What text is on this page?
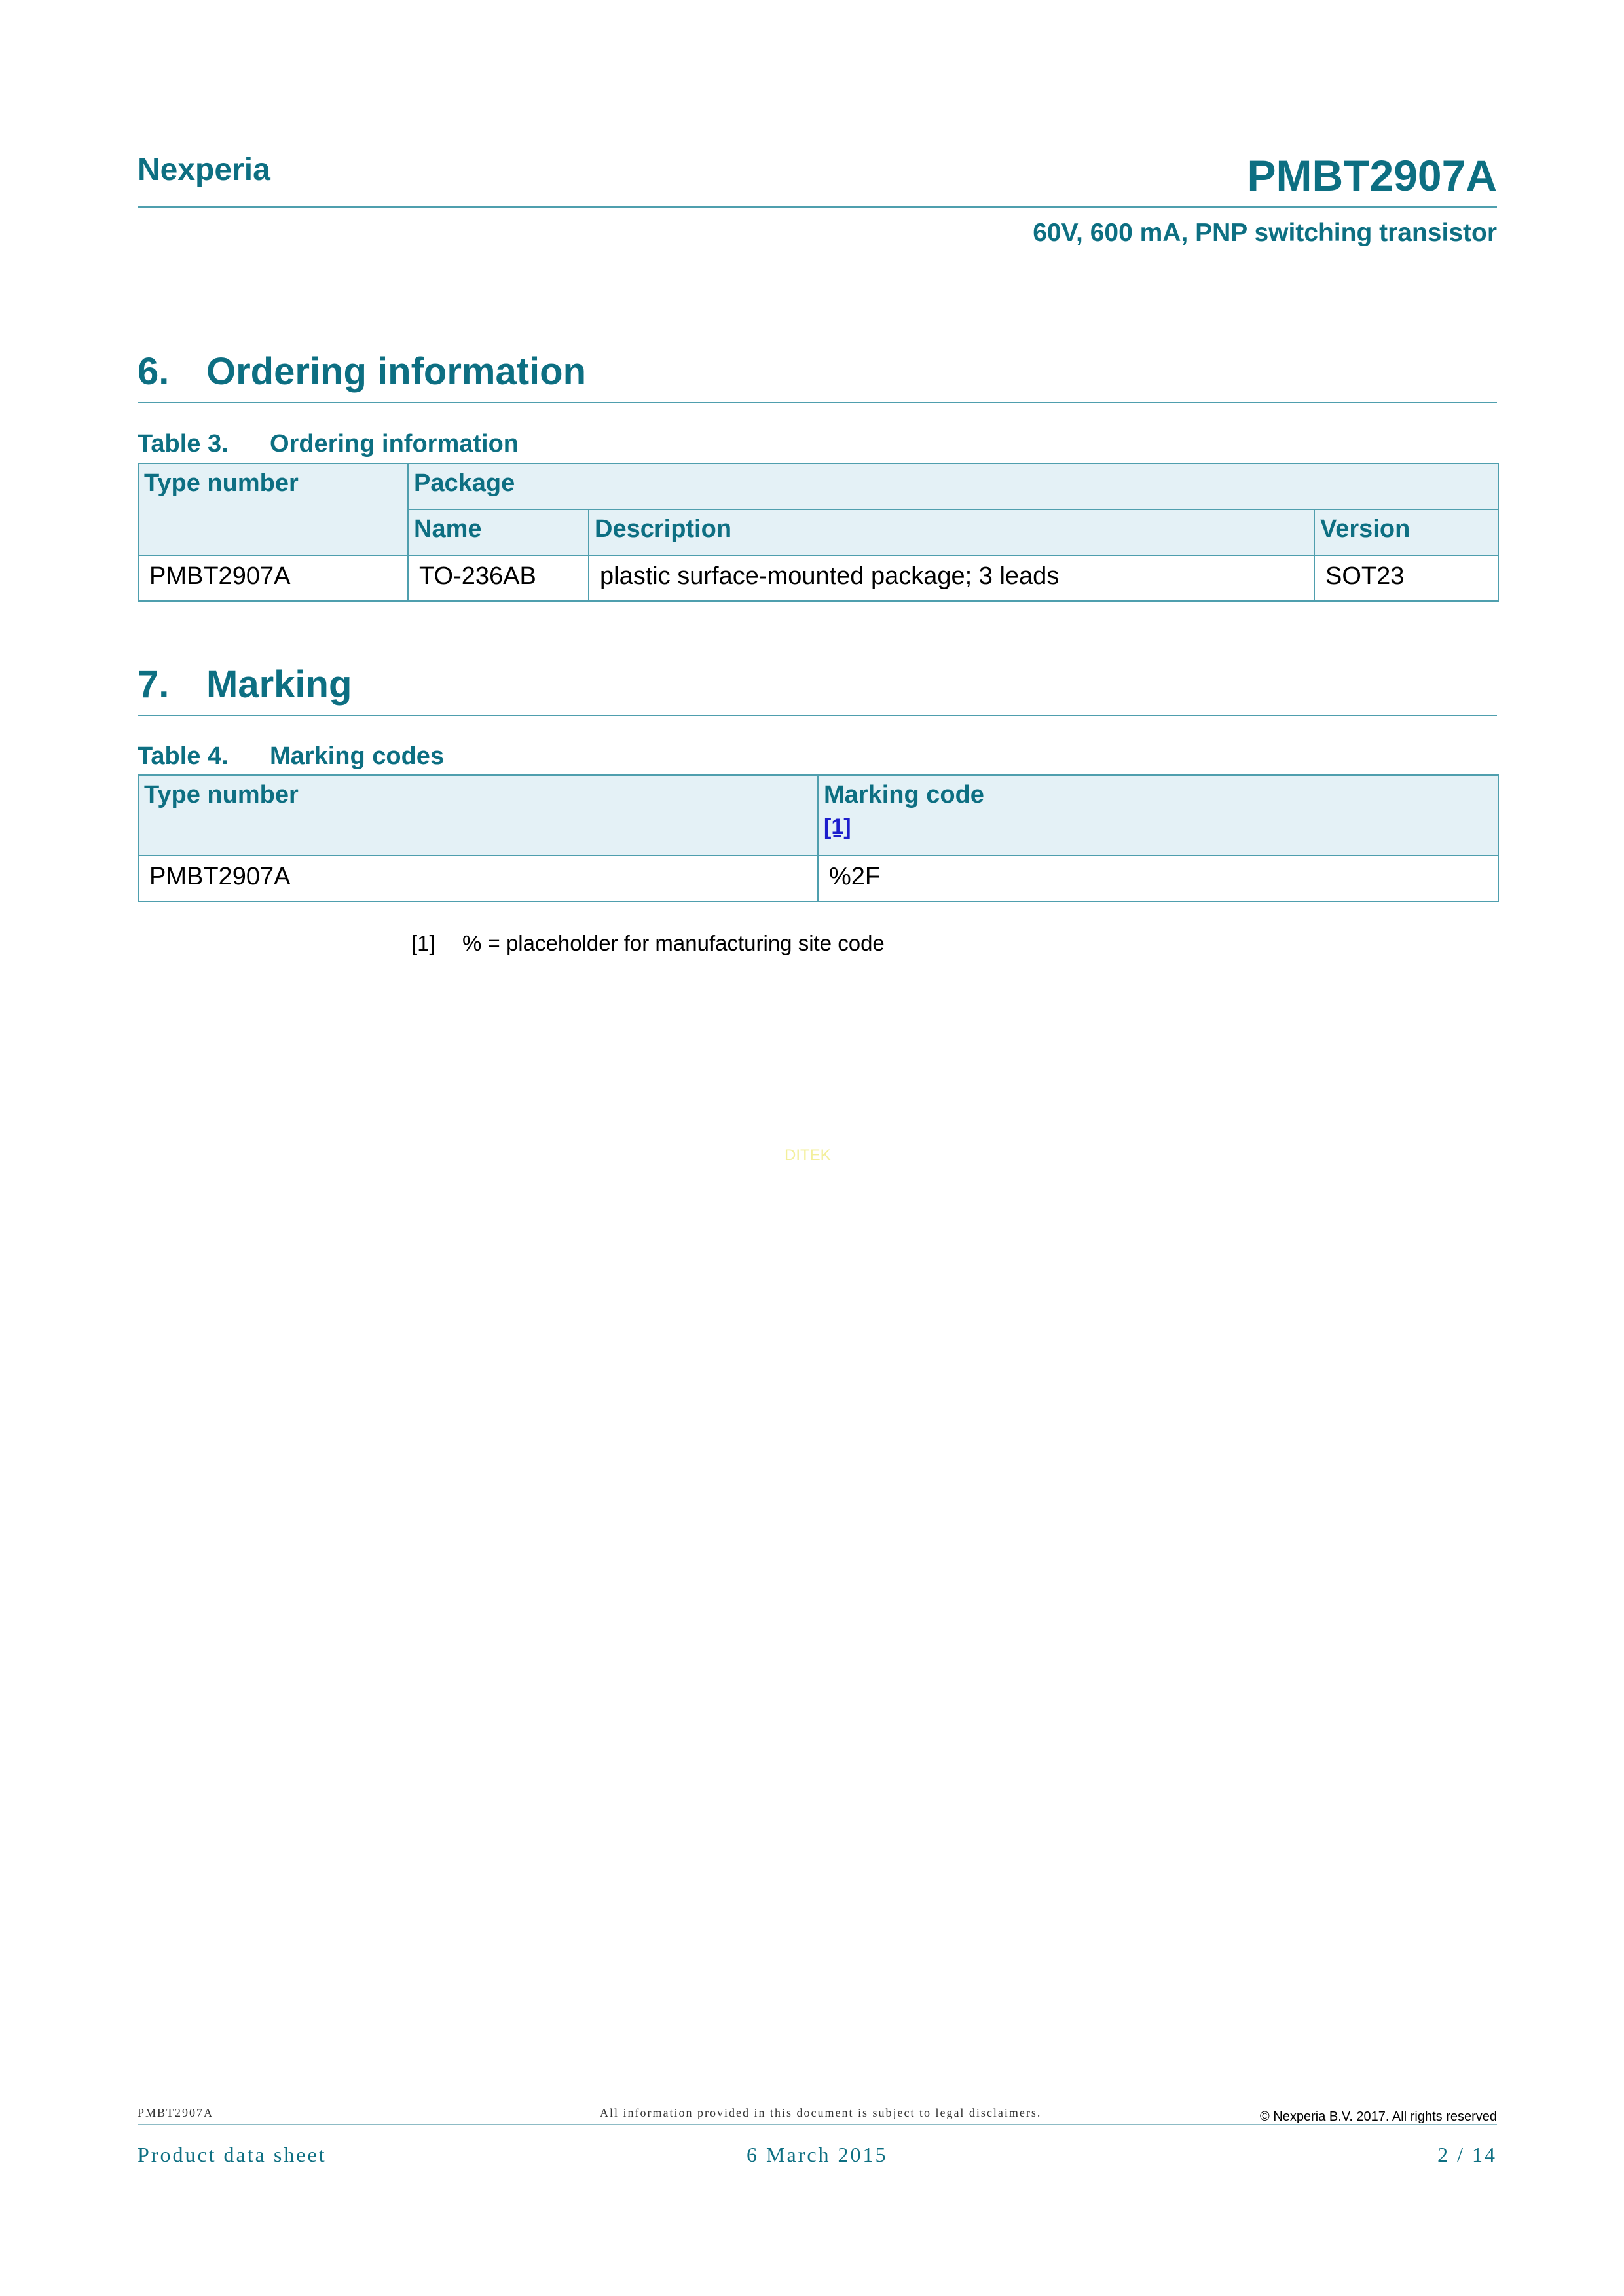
Nexperia	PMBT2907A
60V, 600 mA, PNP switching transistor
6. Ordering information
Table 3. Ordering information
Type number	Package		
	Name	Description	Version
PMBT2907A	TO-236AB	plastic surface-mounted package; 3 leads	SOT23
7. Marking
Table 4. Marking codes
Type number	Marking code
[1]

PMBT2907A	%2F
[1] % = placeholder for manufacturing site code
DITEK
PMBT2907A	All information provided in this document is subject to legal disclaimers.	© Nexperia B.V. 2017. All rights reserved
Product data sheet	6 March 2015	2 / 14
